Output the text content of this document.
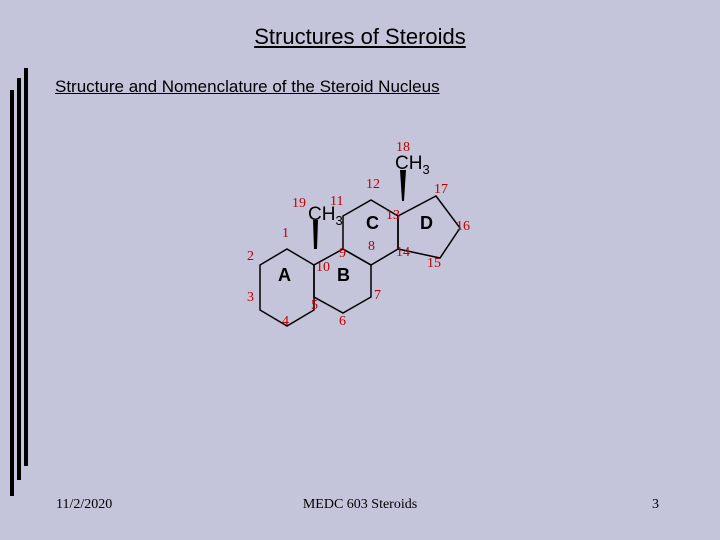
Structures of Steroids
Structure and Nomenclature of the Steroid Nucleus
$CH_3$
$CH_3$
A	B
C D
1
2
3
4
5
6
7
8
9
10
11
12
13
14
15
16
17
18
19
11/2/2020	MEDC 603 Steroids	3
